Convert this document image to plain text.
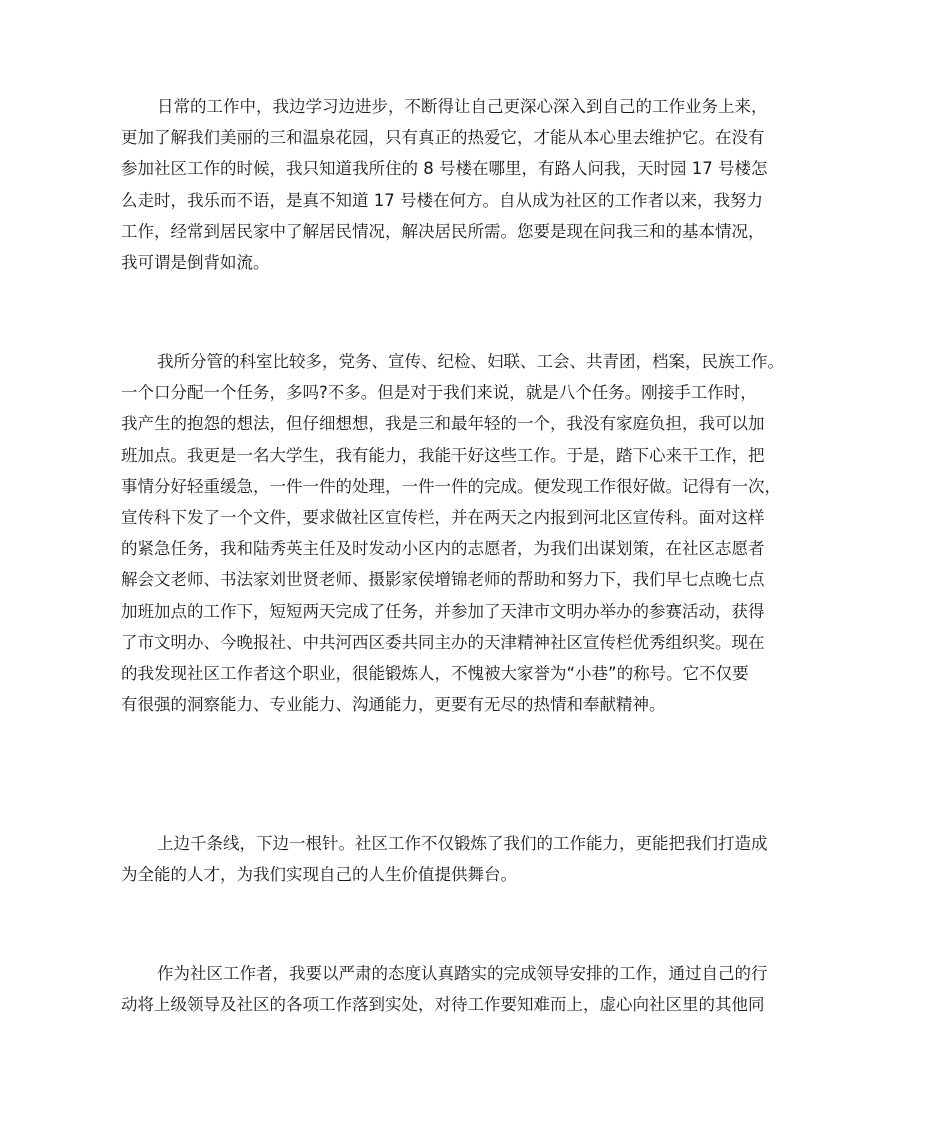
日常的工作中，我边学习边进步，不断得让自己更深心深入到自己的工作业务上来，
更加了解我们美丽的三和温泉花园，只有真正的热爱它，才能从本心里去维护它。在没有
参加社区工作的时候，我只知道我所住的 8 号楼在哪里，有路人问我，天时园 17 号楼怎
么走时，我乐而不语，是真不知道 17 号楼在何方。自从成为社区的工作者以来，我努力
工作，经常到居民家中了解居民情况，解决居民所需。您要是现在问我三和的基本情况，
我可谓是倒背如流。
我所分管的科室比较多，党务、宣传、纪检、妇联、工会、共青团，档案，民族工作。
一个口分配一个任务，多吗?不多。但是对于我们来说，就是八个任务。刚接手工作时，
我产生的抱怨的想法，但仔细想想，我是三和最年轻的一个，我没有家庭负担，我可以加
班加点。我更是一名大学生，我有能力，我能干好这些工作。于是，踏下心来干工作，把
事情分好轻重缓急，一件一件的处理，一件一件的完成。便发现工作很好做。记得有一次，
宣传科下发了一个文件，要求做社区宣传栏，并在两天之内报到河北区宣传科。面对这样
的紧急任务，我和陆秀英主任及时发动小区内的志愿者，为我们出谋划策，在社区志愿者
解会文老师、书法家刘世贤老师、摄影家侯增锦老师的帮助和努力下，我们早七点晚七点
加班加点的工作下，短短两天完成了任务，并参加了天津市文明办举办的参赛活动，获得
了市文明办、今晚报社、中共河西区委共同主办的天津精神社区宣传栏优秀组织奖。现在
的我发现社区工作者这个职业，很能锻炼人，不愧被大家誉为“小巷”的称号。它不仅要
有很强的洞察能力、专业能力、沟通能力，更要有无尽的热情和奉献精神。
上边千条线，下边一根针。社区工作不仅锻炼了我们的工作能力，更能把我们打造成
为全能的人才，为我们实现自己的人生价值提供舞台。
作为社区工作者，我要以严肃的态度认真踏实的完成领导安排的工作，通过自己的行
动将上级领导及社区的各项工作落到实处，对待工作要知难而上，虚心向社区里的其他同
